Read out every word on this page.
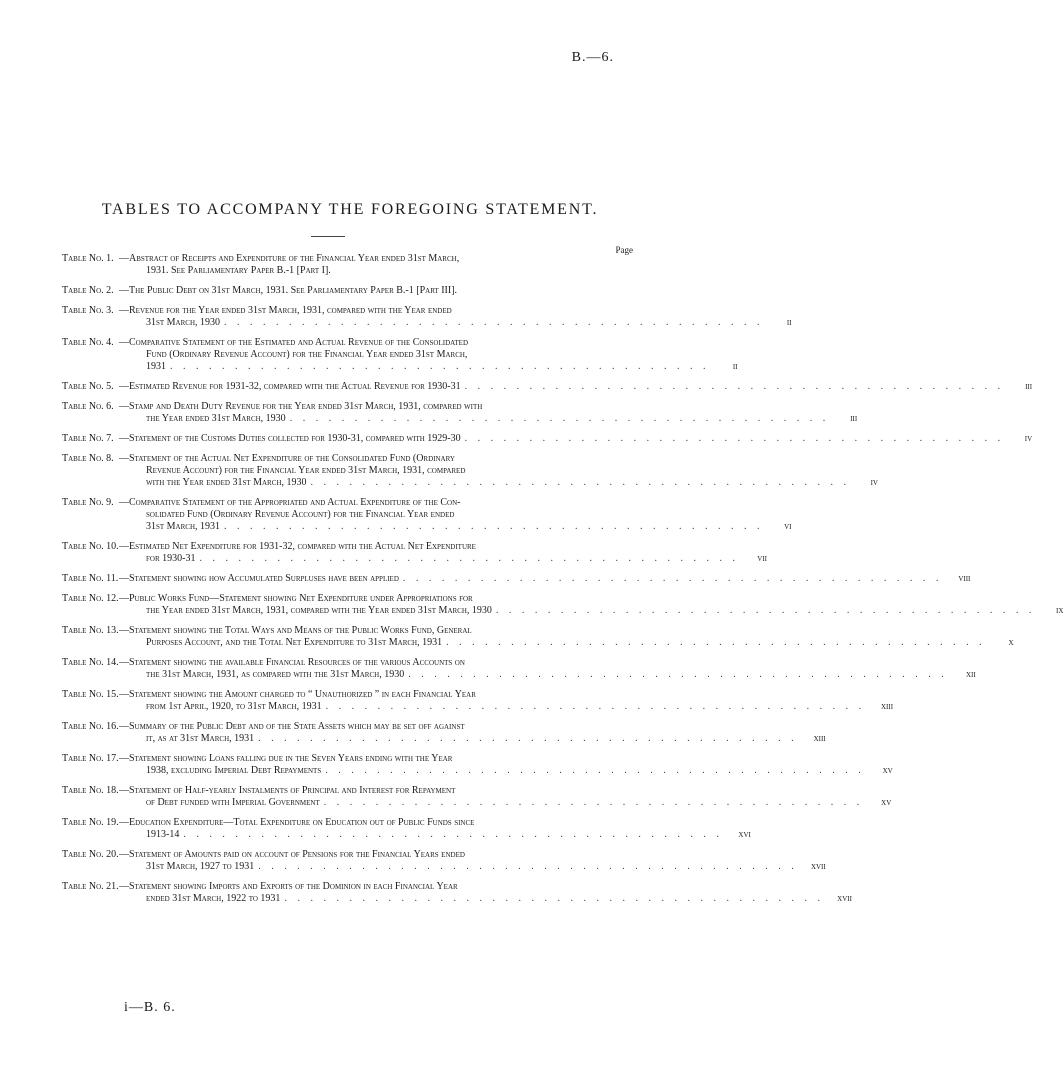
B.—6.
TABLES TO ACCOMPANY THE FOREGOING STATEMENT.
Page
Table No. 1. —Abstract of Receipts and Expenditure of the Financial Year ended 31st March,
1931. See Parliamentary Paper B.-1 [Part I].
Table No. 2. —The Public Debt on 31st March, 1931. See Parliamentary Paper B.-1 [Part III].
Table No. 3. —Revenue for the Year ended 31st March, 1931, compared with the Year ended
31st March, 1930 . . . . . . . . . . . . . . . . . . . . . . . . . . . . . . . . . . . . . . . . . .	ii
Table No. 4. —Comparative Statement of the Estimated and Actual Revenue of the Consolidated
Fund (Ordinary Revenue Account) for the Financial Year ended 31st March,
1931 . . . . . . . . . . . . . . . . . . . . . . . . . . . . . . . . . . . . . . . . . .	ii
Table No. 5. —Estimated Revenue for 1931-32, compared with the Actual Revenue for 1930-31 . . . . . . . . . . . . . . . . . . . . . . . . . . . . . . . . . . . . . . . . . .	iii
Table No. 6. —Stamp and Death Duty Revenue for the Year ended 31st March, 1931, compared with
the Year ended 31st March, 1930 . . . . . . . . . . . . . . . . . . . . . . . . . . . . . . . . . . . . . . . . . .	iii
Table No. 7. —Statement of the Customs Duties collected for 1930-31, compared with 1929-30 . . . . . . . . . . . . . . . . . . . . . . . . . . . . . . . . . . . . . . . . . .	iv
Table No. 8. —Statement of the Actual Net Expenditure of the Consolidated Fund (Ordinary
Revenue Account) for the Financial Year ended 31st March, 1931, compared
with the Year ended 31st March, 1930 . . . . . . . . . . . . . . . . . . . . . . . . . . . . . . . . . . . . . . . . . .	iv
Table No. 9. —Comparative Statement of the Appropriated and Actual Expenditure of the Con-
solidated Fund (Ordinary Revenue Account) for the Financial Year ended
31st March, 1931 . . . . . . . . . . . . . . . . . . . . . . . . . . . . . . . . . . . . . . . . . .	vi
Table No. 10. —Estimated Net Expenditure for 1931-32, compared with the Actual Net Expenditure
for 1930-31 . . . . . . . . . . . . . . . . . . . . . . . . . . . . . . . . . . . . . . . . . .	vii
Table No. 11. —Statement showing how Accumulated Surpluses have been applied . . . . . . . . . . . . . . . . . . . . . . . . . . . . . . . . . . . . . . . . . .	viii
Table No. 12. —Public Works Fund—Statement showing Net Expenditure under Appropriations for
the Year ended 31st March, 1931, compared with the Year ended 31st March, 1930 . . . . . . . . . . . . . . . . . . . . . . . . . . . . . . . . . . . . . . . . . .	ix
Table No. 13. —Statement showing the Total Ways and Means of the Public Works Fund, General
Purposes Account, and the Total Net Expenditure to 31st March, 1931 . . . . . . . . . . . . . . . . . . . . . . . . . . . . . . . . . . . . . . . . . .	x
Table No. 14. —Statement showing the available Financial Resources of the various Accounts on
the 31st March, 1931, as compared with the 31st March, 1930 . . . . . . . . . . . . . . . . . . . . . . . . . . . . . . . . . . . . . . . . . .	xii
Table No. 15. —Statement showing the Amount charged to “ Unauthorized ” in each Financial Year
from 1st April, 1920, to 31st March, 1931 . . . . . . . . . . . . . . . . . . . . . . . . . . . . . . . . . . . . . . . . . .	xiii
Table No. 16. —Summary of the Public Debt and of the State Assets which may be set off against
it, as at 31st March, 1931 . . . . . . . . . . . . . . . . . . . . . . . . . . . . . . . . . . . . . . . . . .	xiii
Table No. 17. —Statement showing Loans falling due in the Seven Years ending with the Year
1938, excluding Imperial Debt Repayments . . . . . . . . . . . . . . . . . . . . . . . . . . . . . . . . . . . . . . . . . .	xv
Table No. 18. —Statement of Half-yearly Instalments of Principal and Interest for Repayment
of Debt funded with Imperial Government . . . . . . . . . . . . . . . . . . . . . . . . . . . . . . . . . . . . . . . . . .	xv
Table No. 19. —Education Expenditure—Total Expenditure on Education out of Public Funds since
1913-14 . . . . . . . . . . . . . . . . . . . . . . . . . . . . . . . . . . . . . . . . . .	xvi
Table No. 20. —Statement of Amounts paid on account of Pensions for the Financial Years ended
31st March, 1927 to 1931 . . . . . . . . . . . . . . . . . . . . . . . . . . . . . . . . . . . . . . . . . .	xvii
Table No. 21. —Statement showing Imports and Exports of the Dominion in each Financial Year
ended 31st March, 1922 to 1931 . . . . . . . . . . . . . . . . . . . . . . . . . . . . . . . . . . . . . . . . . .	xvii
i—B. 6.
